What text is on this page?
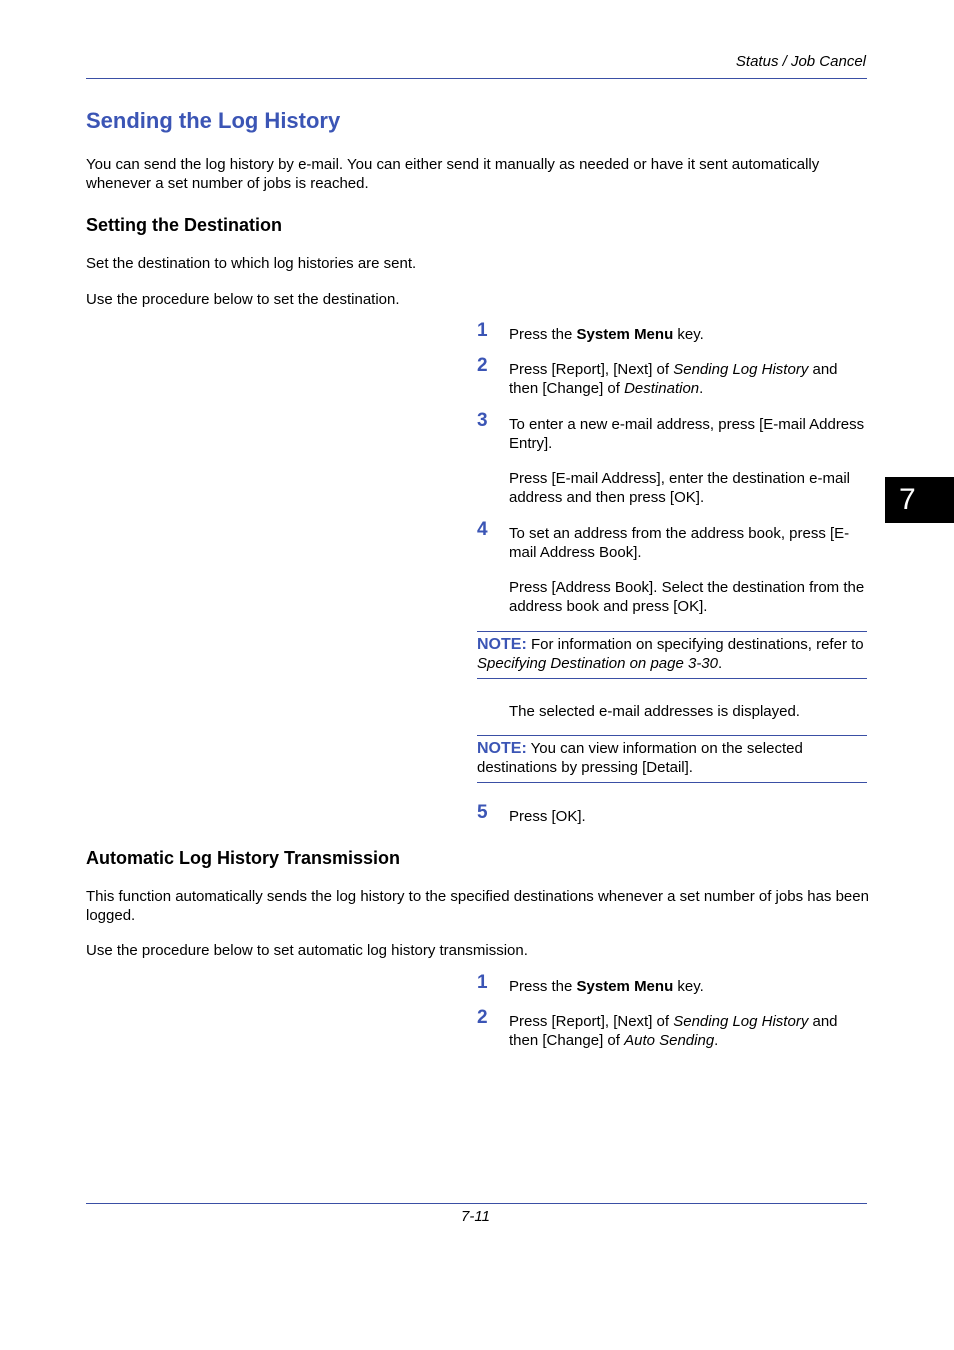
Status / Job Cancel
7
Sending the Log History
You can send the log history by e-mail. You can either send it manually as needed or have it sent automatically whenever a set number of jobs is reached.
Setting the Destination
Set the destination to which log histories are sent.
Use the procedure below to set the destination.
1 Press the System Menu key.
2 Press [Report], [Next] of Sending Log History and then [Change] of Destination.
3 To enter a new e-mail address, press [E-mail Address Entry].
Press [E-mail Address], enter the destination e-mail address and then press [OK].
4 To set an address from the address book, press [E-mail Address Book].
Press [Address Book]. Select the destination from the address book and press [OK].
NOTE: For information on specifying destinations, refer to Specifying Destination on page 3-30.
The selected e-mail addresses is displayed.
NOTE: You can view information on the selected destinations by pressing [Detail].
5 Press [OK].
Automatic Log History Transmission
This function automatically sends the log history to the specified destinations whenever a set number of jobs has been logged.
Use the procedure below to set automatic log history transmission.
1 Press the System Menu key.
2 Press [Report], [Next] of Sending Log History and then [Change] of Auto Sending.
7-11
